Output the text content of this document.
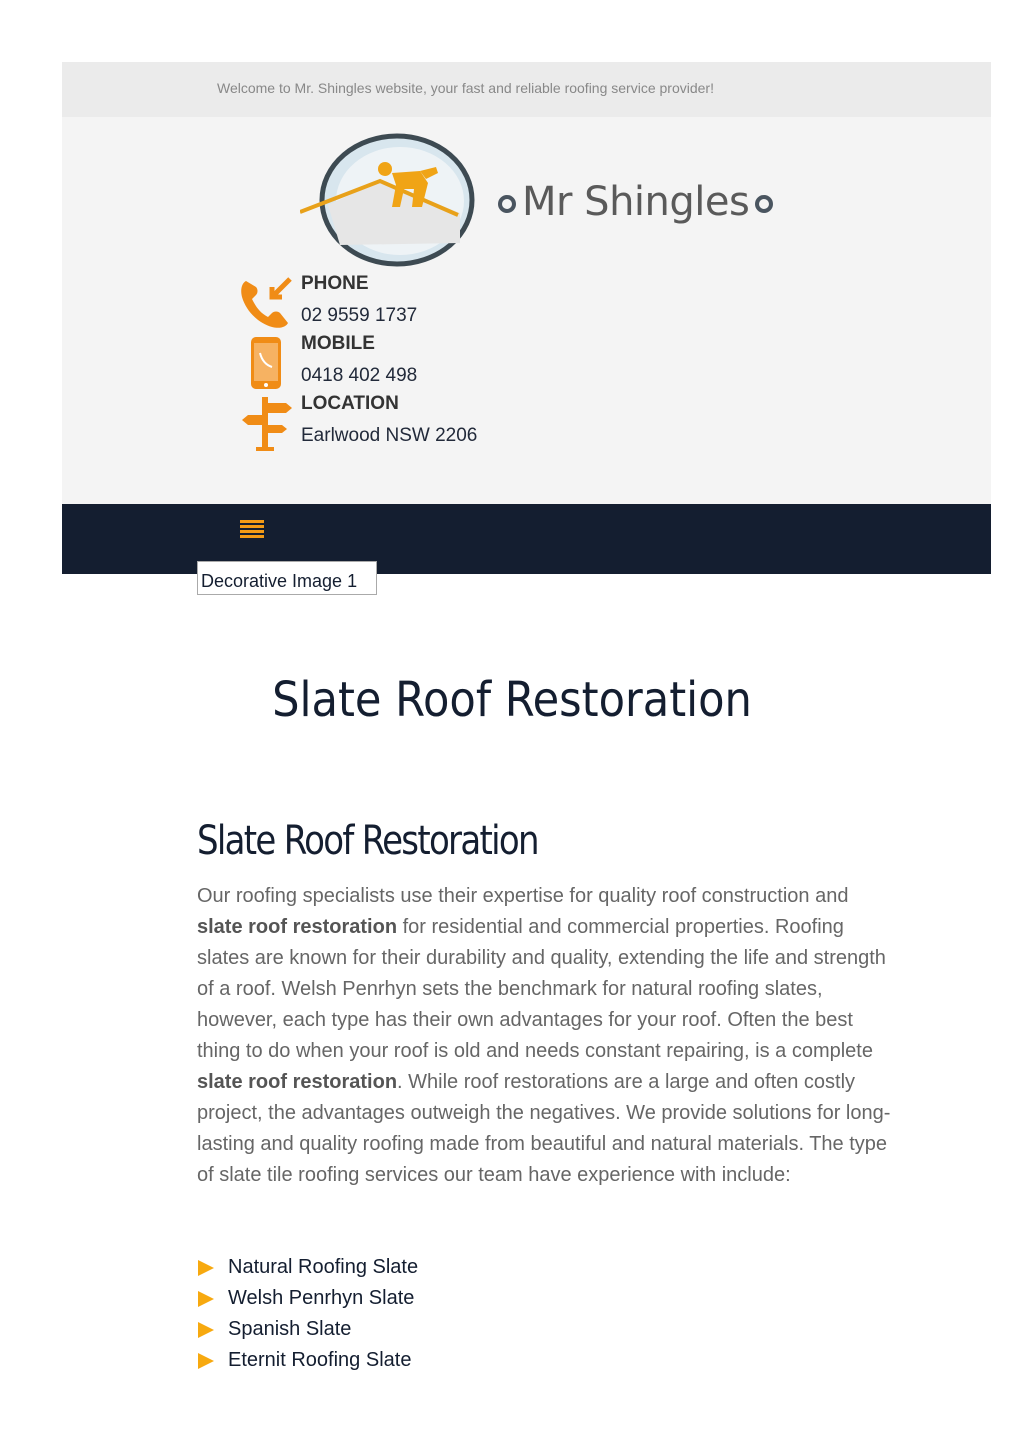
Welcome to Mr. Shingles website, your fast and reliable roofing service provider!
Mr Shingles
PHONE
02 9559 1737
MOBILE
0418 402 498
LOCATION
Earlwood NSW 2206
Decorative Image 1
Slate Roof Restoration
Slate Roof Restoration

Our roofing specialists use their expertise for quality roof construction and slate roof restoration for residential and commercial properties. Roofing slates are known for their durability and quality, extending the life and strength of a roof. Welsh Penrhyn sets the benchmark for natural roofing slates, however, each type has their own advantages for your roof. Often the best thing to do when your roof is old and needs constant repairing, is a complete slate roof restoration. While roof restorations are a large and often costly project, the advantages outweigh the negatives. We provide solutions for long-lasting and quality roofing made from beautiful and natural materials. The type of slate tile roofing services our team have experience with include:

Natural Roofing Slate
Welsh Penrhyn Slate
Spanish Slate
Eternit Roofing Slate
